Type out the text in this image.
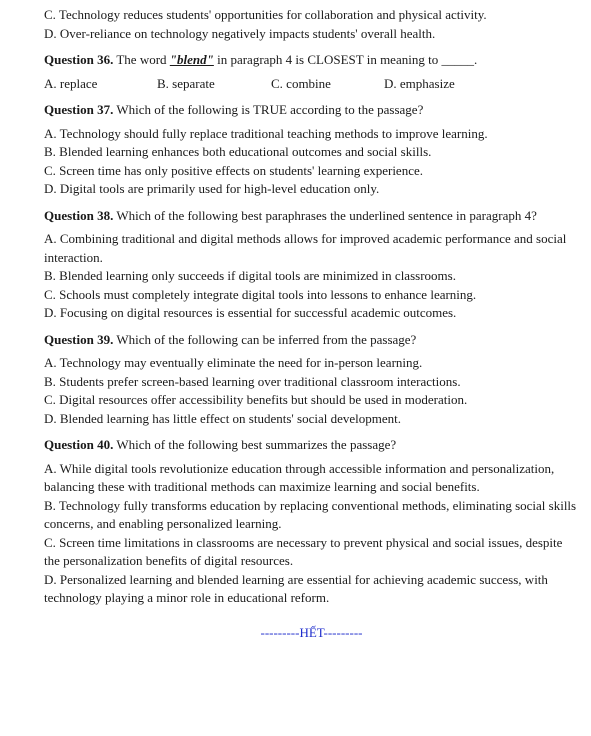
C. Technology reduces students' opportunities for collaboration and physical activity.

D. Over-reliance on technology negatively impacts students' overall health.

Question 36. The word "blend" in paragraph 4 is CLOSEST in meaning to _____.

A. replace	B. separate	C. combine	D. emphasize

Question 37. Which of the following is TRUE according to the passage?

A. Technology should fully replace traditional teaching methods to improve learning.

B. Blended learning enhances both educational outcomes and social skills.

C. Screen time has only positive effects on students' learning experience.

D. Digital tools are primarily used for high-level education only.

Question 38. Which of the following best paraphrases the underlined sentence in paragraph 4?

A. Combining traditional and digital methods allows for improved academic performance and social interaction.

B. Blended learning only succeeds if digital tools are minimized in classrooms.

C. Schools must completely integrate digital tools into lessons to enhance learning.

D. Focusing on digital resources is essential for successful academic outcomes.

Question 39. Which of the following can be inferred from the passage?

A. Technology may eventually eliminate the need for in-person learning.

B. Students prefer screen-based learning over traditional classroom interactions.

C. Digital resources offer accessibility benefits but should be used in moderation.

D. Blended learning has little effect on students' social development.

Question 40. Which of the following best summarizes the passage?

A. While digital tools revolutionize education through accessible information and personalization, balancing these with traditional methods can maximize learning and social benefits.

B. Technology fully transforms education by replacing conventional methods, eliminating social skills concerns, and enabling personalized learning.

C. Screen time limitations in classrooms are necessary to prevent physical and social issues, despite the personalization benefits of digital resources.

D. Personalized learning and blended learning are essential for achieving academic success, with technology playing a minor role in educational reform.

---------HẾT---------
